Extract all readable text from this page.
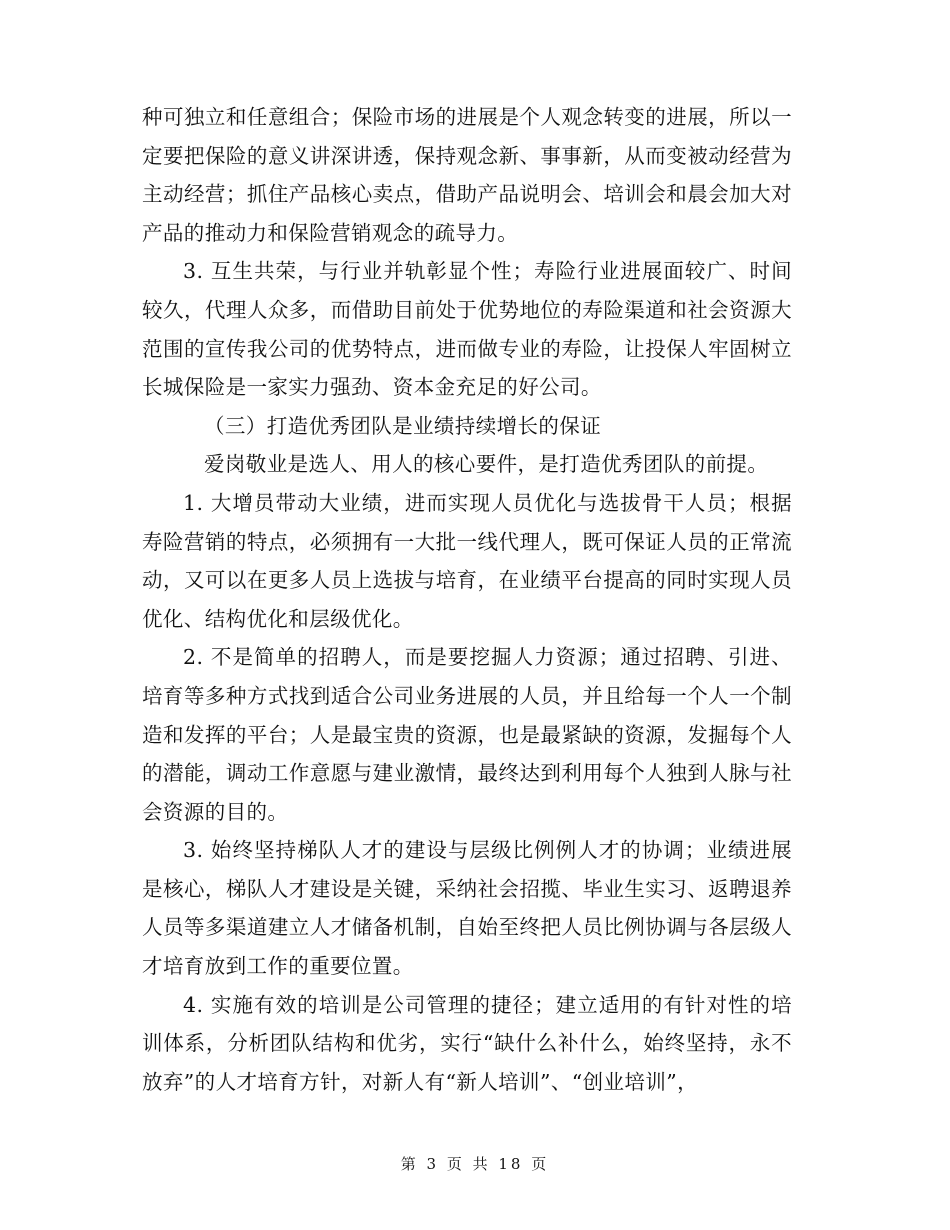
种可独立和任意组合；保险市场的进展是个人观念转变的进展，所以一定要把保险的意义讲深讲透，保持观念新、事事新，从而变被动经营为主动经营；抓住产品核心卖点，借助产品说明会、培训会和晨会加大对产品的推动力和保险营销观念的疏导力。

3. 互生共荣，与行业并轨彰显个性；寿险行业进展面较广、时间较久，代理人众多，而借助目前处于优势地位的寿险渠道和社会资源大范围的宣传我公司的优势特点，进而做专业的寿险，让投保人牢固树立长城保险是一家实力强劲、资本金充足的好公司。

（三）打造优秀团队是业绩持续增长的保证

爱岗敬业是选人、用人的核心要件，是打造优秀团队的前提。

1. 大增员带动大业绩，进而实现人员优化与选拔骨干人员；根据寿险营销的特点，必须拥有一大批一线代理人，既可保证人员的正常流动，又可以在更多人员上选拔与培育，在业绩平台提高的同时实现人员优化、结构优化和层级优化。

2. 不是简单的招聘人，而是要挖掘人力资源；通过招聘、引进、培育等多种方式找到适合公司业务进展的人员，并且给每一个人一个制造和发挥的平台；人是最宝贵的资源，也是最紧缺的资源，发掘每个人的潜能，调动工作意愿与建业激情，最终达到利用每个人独到人脉与社会资源的目的。

3. 始终坚持梯队人才的建设与层级比例例人才的协调；业绩进展是核心，梯队人才建设是关键，采纳社会招揽、毕业生实习、返聘退养人员等多渠道建立人才储备机制，自始至终把人员比例协调与各层级人才培育放到工作的重要位置。

4. 实施有效的培训是公司管理的捷径；建立适用的有针对性的培训体系，分析团队结构和优劣，实行“缺什么补什么，始终坚持，永不放弃”的人才培育方针，对新人有“新人培训”、“创业培训”，

第 3 页 共 18 页
